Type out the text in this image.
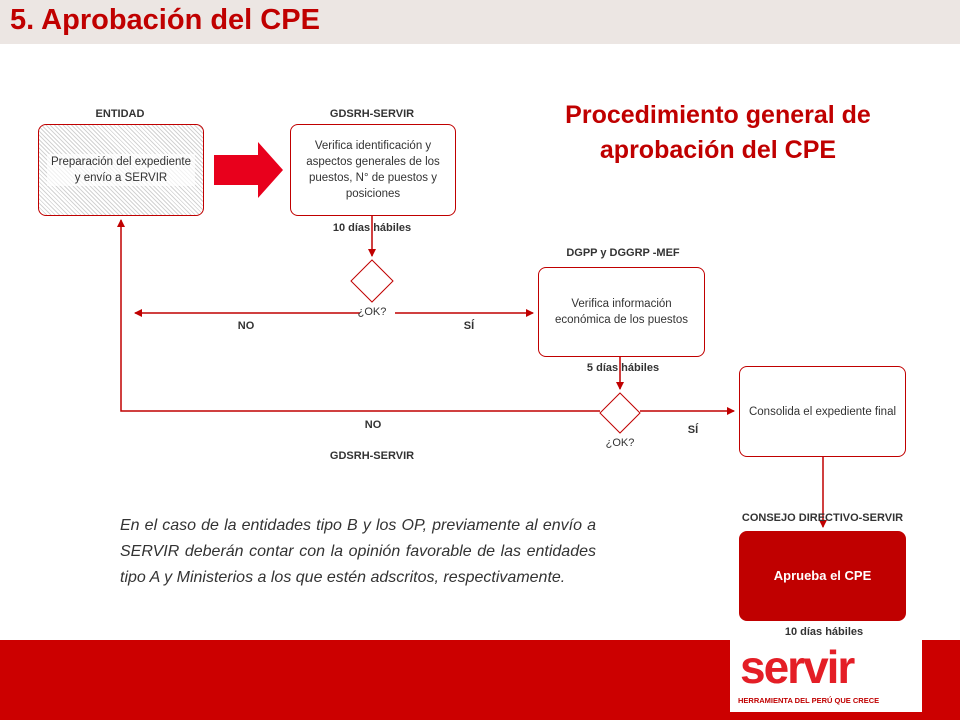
5. Aprobación del CPE
Procedimiento general de
aprobación del CPE
ENTIDAD	GDSRH-SERVIR
DGPP y DGGRP -MEF
GDSRH-SERVIR
CONSEJO DIRECTIVO-SERVIR
Preparación del expediente y envío a SERVIR
Verifica identificación y aspectos generales de los puestos, N° de puestos y posiciones
Verifica información económica de los puestos
Consolida el expediente final
Aprueba el CPE
10 días hábiles
5 días hábiles
10 días hábiles
¿OK?
¿OK?
NO	SÍ
NO	SÍ
En el caso de la entidades tipo B y los OP, previamente al envío a SERVIR deberán contar con la opinión favorable de las entidades tipo A y Ministerios a los que estén adscritos, respectivamente.
servir
HERRAMIENTA DEL PERÚ QUE CRECE
